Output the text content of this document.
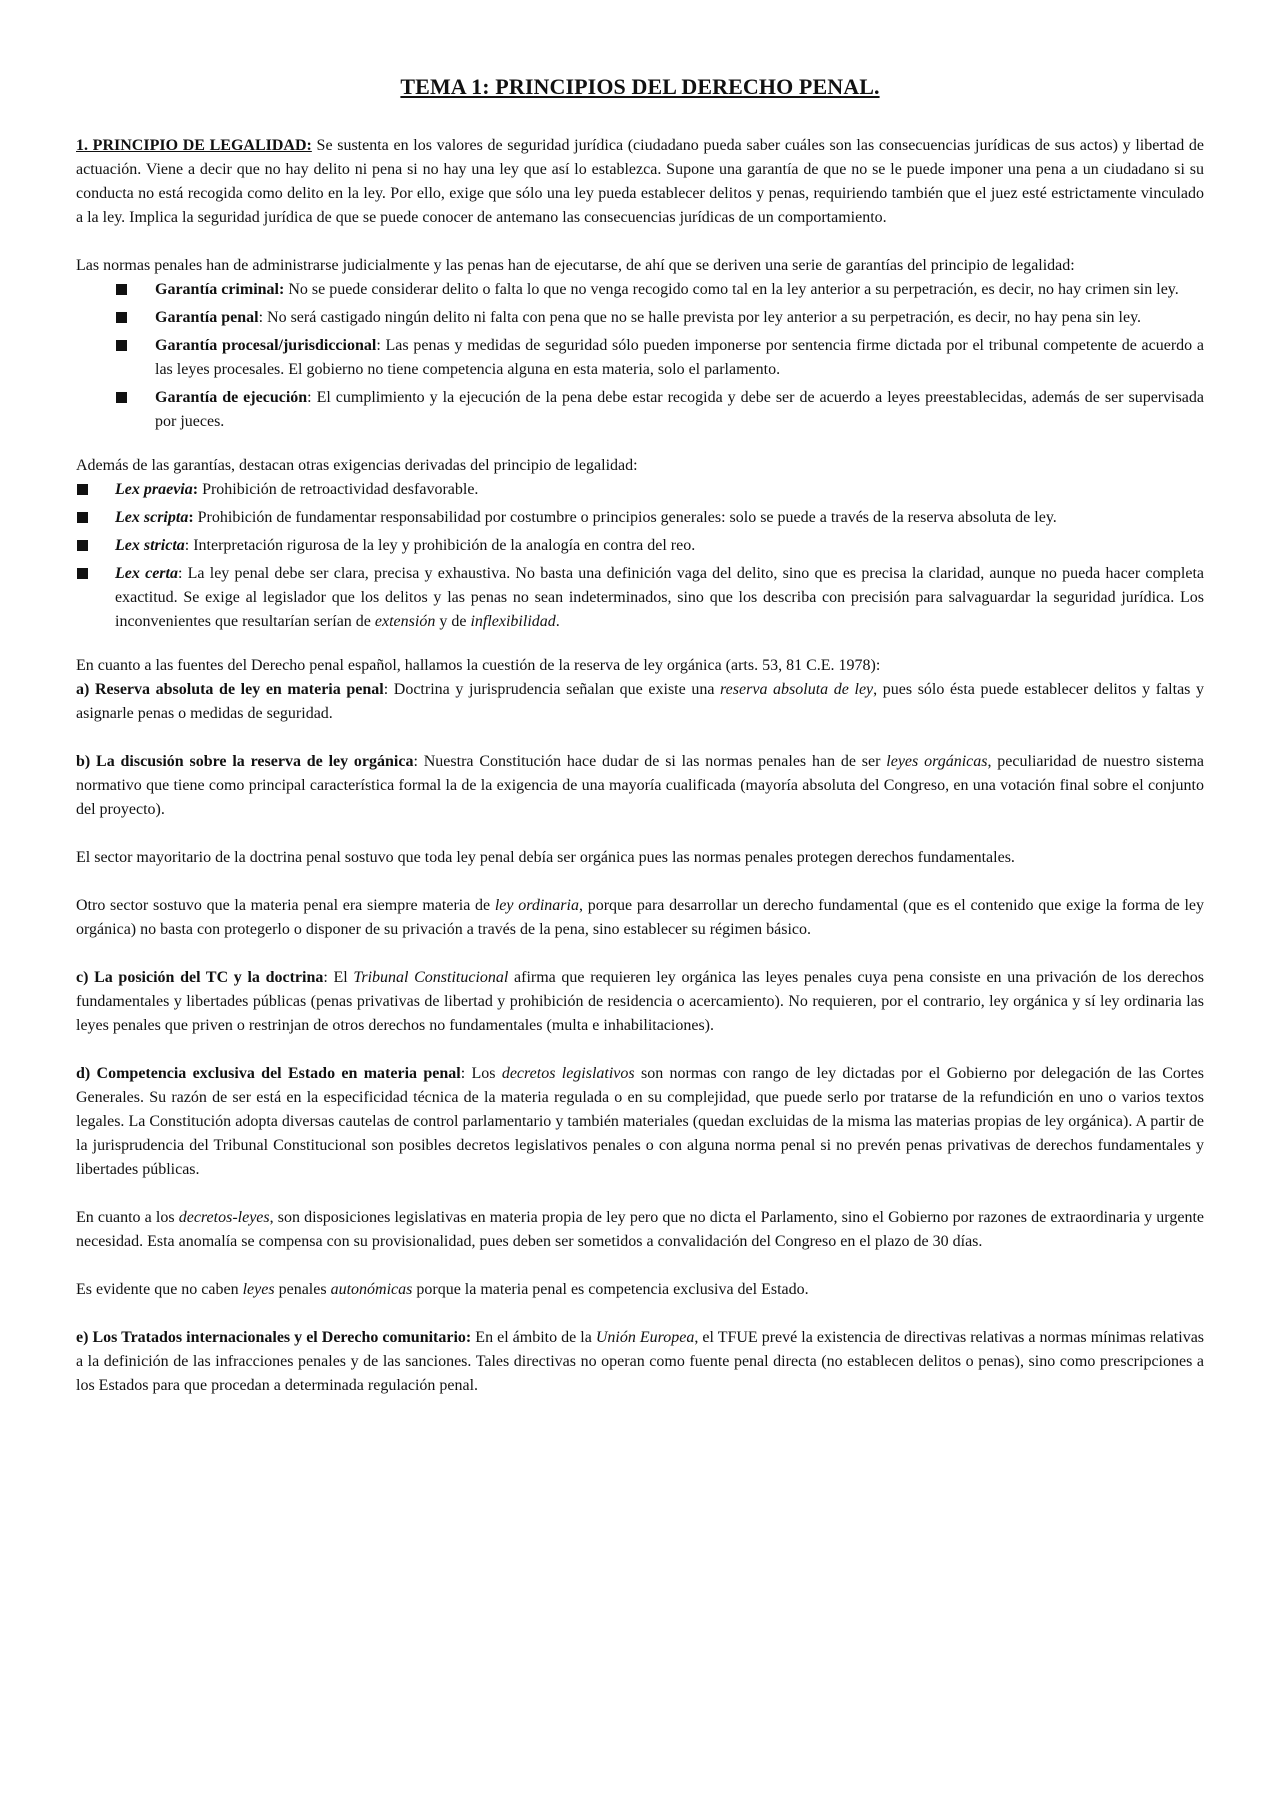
TEMA 1: PRINCIPIOS DEL DERECHO PENAL.

1. PRINCIPIO DE LEGALIDAD: Se sustenta en los valores de seguridad jurídica (ciudadano pueda saber cuáles son las consecuencias jurídicas de sus actos) y libertad de actuación. Viene a decir que no hay delito ni pena si no hay una ley que así lo establezca. Supone una garantía de que no se le puede imponer una pena a un ciudadano si su conducta no está recogida como delito en la ley. Por ello, exige que sólo una ley pueda establecer delitos y penas, requiriendo también que el juez esté estrictamente vinculado a la ley. Implica la seguridad jurídica de que se puede conocer de antemano las consecuencias jurídicas de un comportamiento.

Las normas penales han de administrarse judicialmente y las penas han de ejecutarse, de ahí que se deriven una serie de garantías del principio de legalidad:

Garantía criminal: No se puede considerar delito o falta lo que no venga recogido como tal en la ley anterior a su perpetración, es decir, no hay crimen sin ley.
Garantía penal: No será castigado ningún delito ni falta con pena que no se halle prevista por ley anterior a su perpetración, es decir, no hay pena sin ley.
Garantía procesal/jurisdiccional: Las penas y medidas de seguridad sólo pueden imponerse por sentencia firme dictada por el tribunal competente de acuerdo a las leyes procesales. El gobierno no tiene competencia alguna en esta materia, solo el parlamento.
Garantía de ejecución: El cumplimiento y la ejecución de la pena debe estar recogida y debe ser de acuerdo a leyes preestablecidas, además de ser supervisada por jueces.

Además de las garantías, destacan otras exigencias derivadas del principio de legalidad:

Lex praevia: Prohibición de retroactividad desfavorable.
Lex scripta: Prohibición de fundamentar responsabilidad por costumbre o principios generales: solo se puede a través de la reserva absoluta de ley.
Lex stricta: Interpretación rigurosa de la ley y prohibición de la analogía en contra del reo.
Lex certa: La ley penal debe ser clara, precisa y exhaustiva. No basta una definición vaga del delito, sino que es precisa la claridad, aunque no pueda hacer completa exactitud. Se exige al legislador que los delitos y las penas no sean indeterminados, sino que los describa con precisión para salvaguardar la seguridad jurídica. Los inconvenientes que resultarían serían de extensión y de inflexibilidad.

En cuanto a las fuentes del Derecho penal español, hallamos la cuestión de la reserva de ley orgánica (arts. 53, 81 C.E. 1978):

a) Reserva absoluta de ley en materia penal: Doctrina y jurisprudencia señalan que existe una reserva absoluta de ley, pues sólo ésta puede establecer delitos y faltas y asignarle penas o medidas de seguridad.

b) La discusión sobre la reserva de ley orgánica: Nuestra Constitución hace dudar de si las normas penales han de ser leyes orgánicas, peculiaridad de nuestro sistema normativo que tiene como principal característica formal la de la exigencia de una mayoría cualificada (mayoría absoluta del Congreso, en una votación final sobre el conjunto del proyecto).

El sector mayoritario de la doctrina penal sostuvo que toda ley penal debía ser orgánica pues las normas penales protegen derechos fundamentales.

Otro sector sostuvo que la materia penal era siempre materia de ley ordinaria, porque para desarrollar un derecho fundamental (que es el contenido que exige la forma de ley orgánica) no basta con protegerlo o disponer de su privación a través de la pena, sino establecer su régimen básico.

c) La posición del TC y la doctrina: El Tribunal Constitucional afirma que requieren ley orgánica las leyes penales cuya pena consiste en una privación de los derechos fundamentales y libertades públicas (penas privativas de libertad y prohibición de residencia o acercamiento). No requieren, por el contrario, ley orgánica y sí ley ordinaria las leyes penales que priven o restrinjan de otros derechos no fundamentales (multa e inhabilitaciones).

d) Competencia exclusiva del Estado en materia penal: Los decretos legislativos son normas con rango de ley dictadas por el Gobierno por delegación de las Cortes Generales. Su razón de ser está en la especificidad técnica de la materia regulada o en su complejidad, que puede serlo por tratarse de la refundición en uno o varios textos legales. La Constitución adopta diversas cautelas de control parlamentario y también materiales (quedan excluidas de la misma las materias propias de ley orgánica). A partir de la jurisprudencia del Tribunal Constitucional son posibles decretos legislativos penales o con alguna norma penal si no prevén penas privativas de derechos fundamentales y libertades públicas.

En cuanto a los decretos-leyes, son disposiciones legislativas en materia propia de ley pero que no dicta el Parlamento, sino el Gobierno por razones de extraordinaria y urgente necesidad. Esta anomalía se compensa con su provisionalidad, pues deben ser sometidos a convalidación del Congreso en el plazo de 30 días.

Es evidente que no caben leyes penales autonómicas porque la materia penal es competencia exclusiva del Estado.

e) Los Tratados internacionales y el Derecho comunitario: En el ámbito de la Unión Europea, el TFUE prevé la existencia de directivas relativas a normas mínimas relativas a la definición de las infracciones penales y de las sanciones. Tales directivas no operan como fuente penal directa (no establecen delitos o penas), sino como prescripciones a los Estados para que procedan a determinada regulación penal.
